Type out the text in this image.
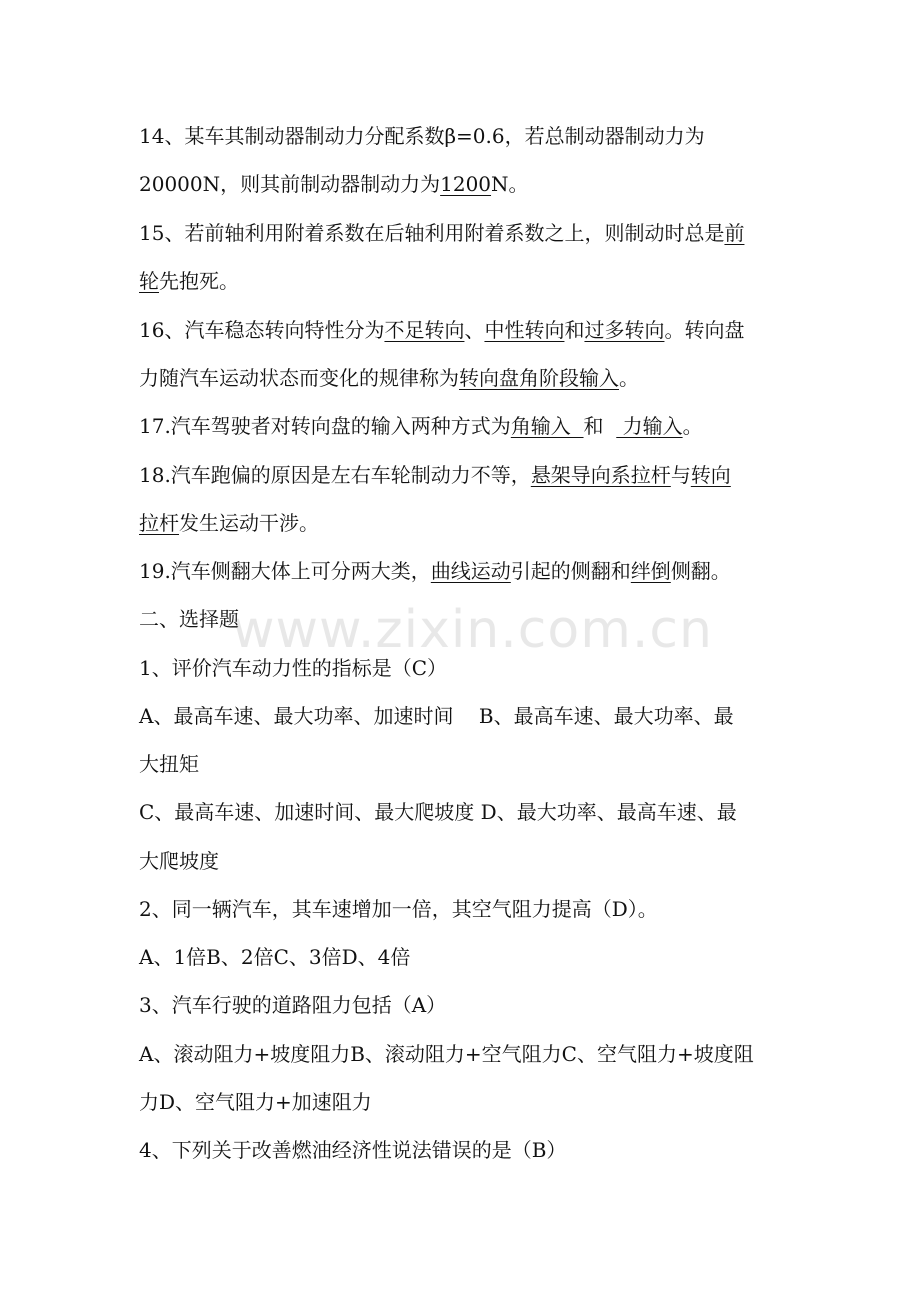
www.zixin.com.cn
14、某车其制动器制动力分配系数β=0.6，若总制动器制动力为
20000N，则其前制动器制动力为1200N。
15、若前轴利用附着系数在后轴利用附着系数之上，则制动时总是前
轮先抱死。
16、汽车稳态转向特性分为不足转向、中性转向和过多转向。转向盘
力随汽车运动状态而变化的规律称为转向盘角阶段输入。
17.汽车驾驶者对转向盘的输入两种方式为角输入  和   力输入。
18.汽车跑偏的原因是左右车轮制动力不等，悬架导向系拉杆与转向
拉杆发生运动干涉。
19.汽车侧翻大体上可分两大类，曲线运动引起的侧翻和绊倒侧翻。
二、选择题
1、评价汽车动力性的指标是（C）
A、最高车速、最大功率、加速时间    B、最高车速、最大功率、最
大扭矩
C、最高车速、加速时间、最大爬坡度 D、最大功率、最高车速、最
大爬坡度
2、同一辆汽车，其车速增加一倍，其空气阻力提高（D）。
A、1倍B、2倍C、3倍D、4倍
3、汽车行驶的道路阻力包括（A）
A、滚动阻力+坡度阻力B、滚动阻力+空气阻力C、空气阻力+坡度阻
力D、空气阻力+加速阻力
4、下列关于改善燃油经济性说法错误的是（B）
